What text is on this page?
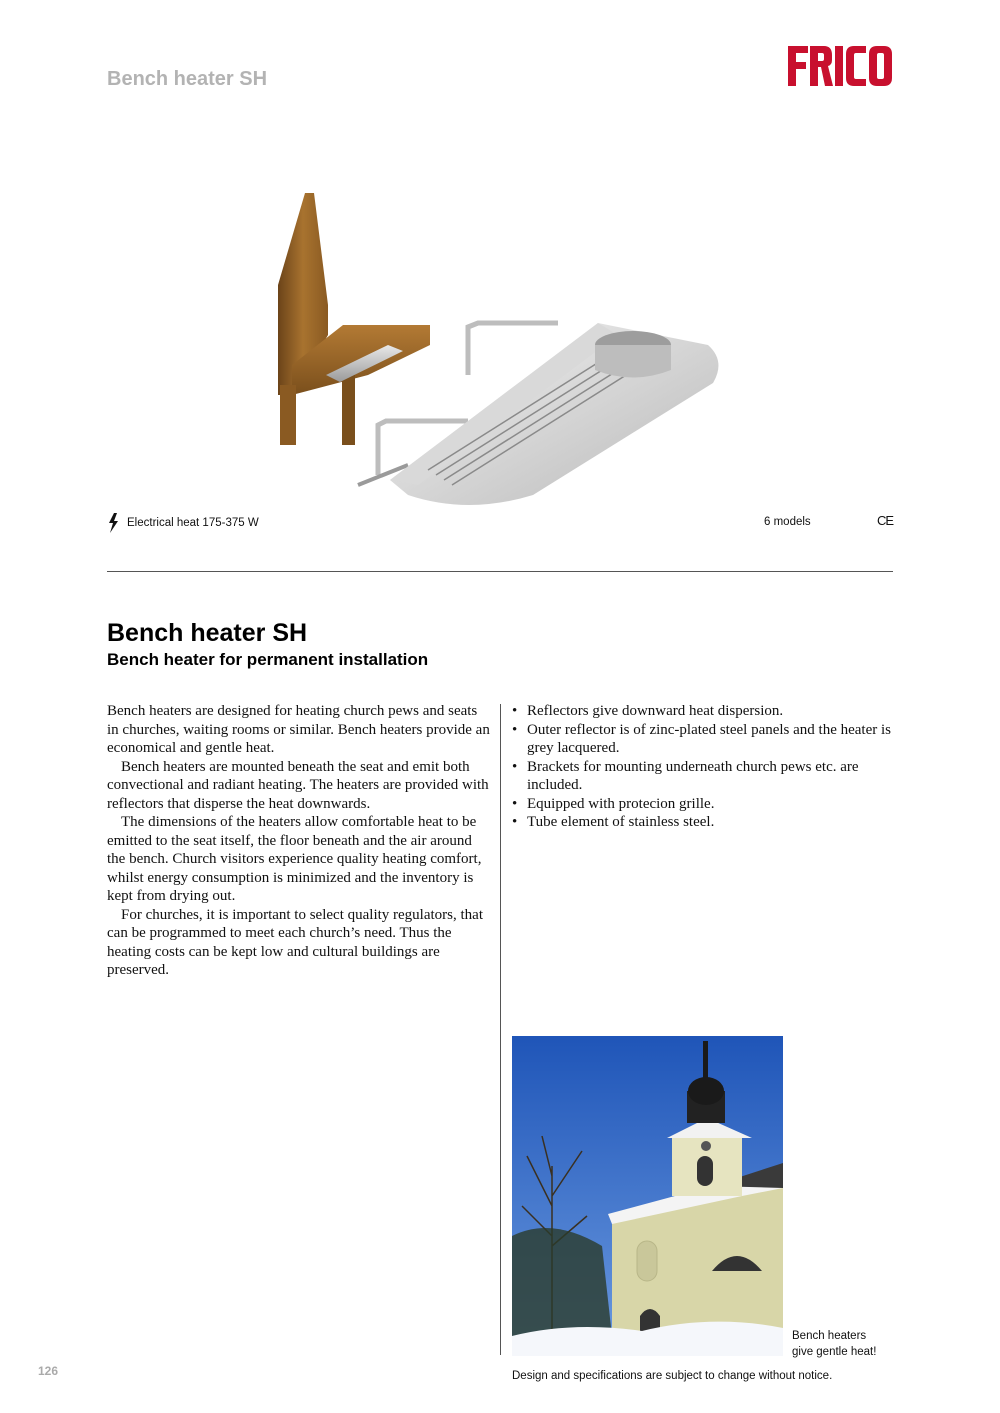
Bench heater SH
Electrical heat 175-375 W	6 models	CE
Bench heater SH
Bench heater for permanent installation

Bench heaters are designed for heating church pews and seats in churches, waiting rooms or similar. Bench heaters provide an economical and gentle heat.

Bench heaters are mounted beneath the seat and emit both convectional and radiant heating. The heaters are provided with reflectors that disperse the heat downwards.

The dimensions of the heaters allow comfortable heat to be emitted to the seat itself, the floor beneath and the air around the bench. Church visitors experience quality heating comfort, whilst energy consumption is minimized and the inventory is kept from drying out.

For churches, it is important to select quality regulators, that can be programmed to meet each church’s need. Thus the heating costs can be kept low and cultural buildings are preserved.

• Reflectors give downward heat dispersion.
• Outer reflector is of zinc-plated steel panels and the heater is grey lacquered.
• Brackets for mounting underneath church pews etc. are included.
• Equipped with protecion grille.
• Tube element of stainless steel.
Bench heaters
give gentle heat!
Design and specifications are subject to change without notice.
126
